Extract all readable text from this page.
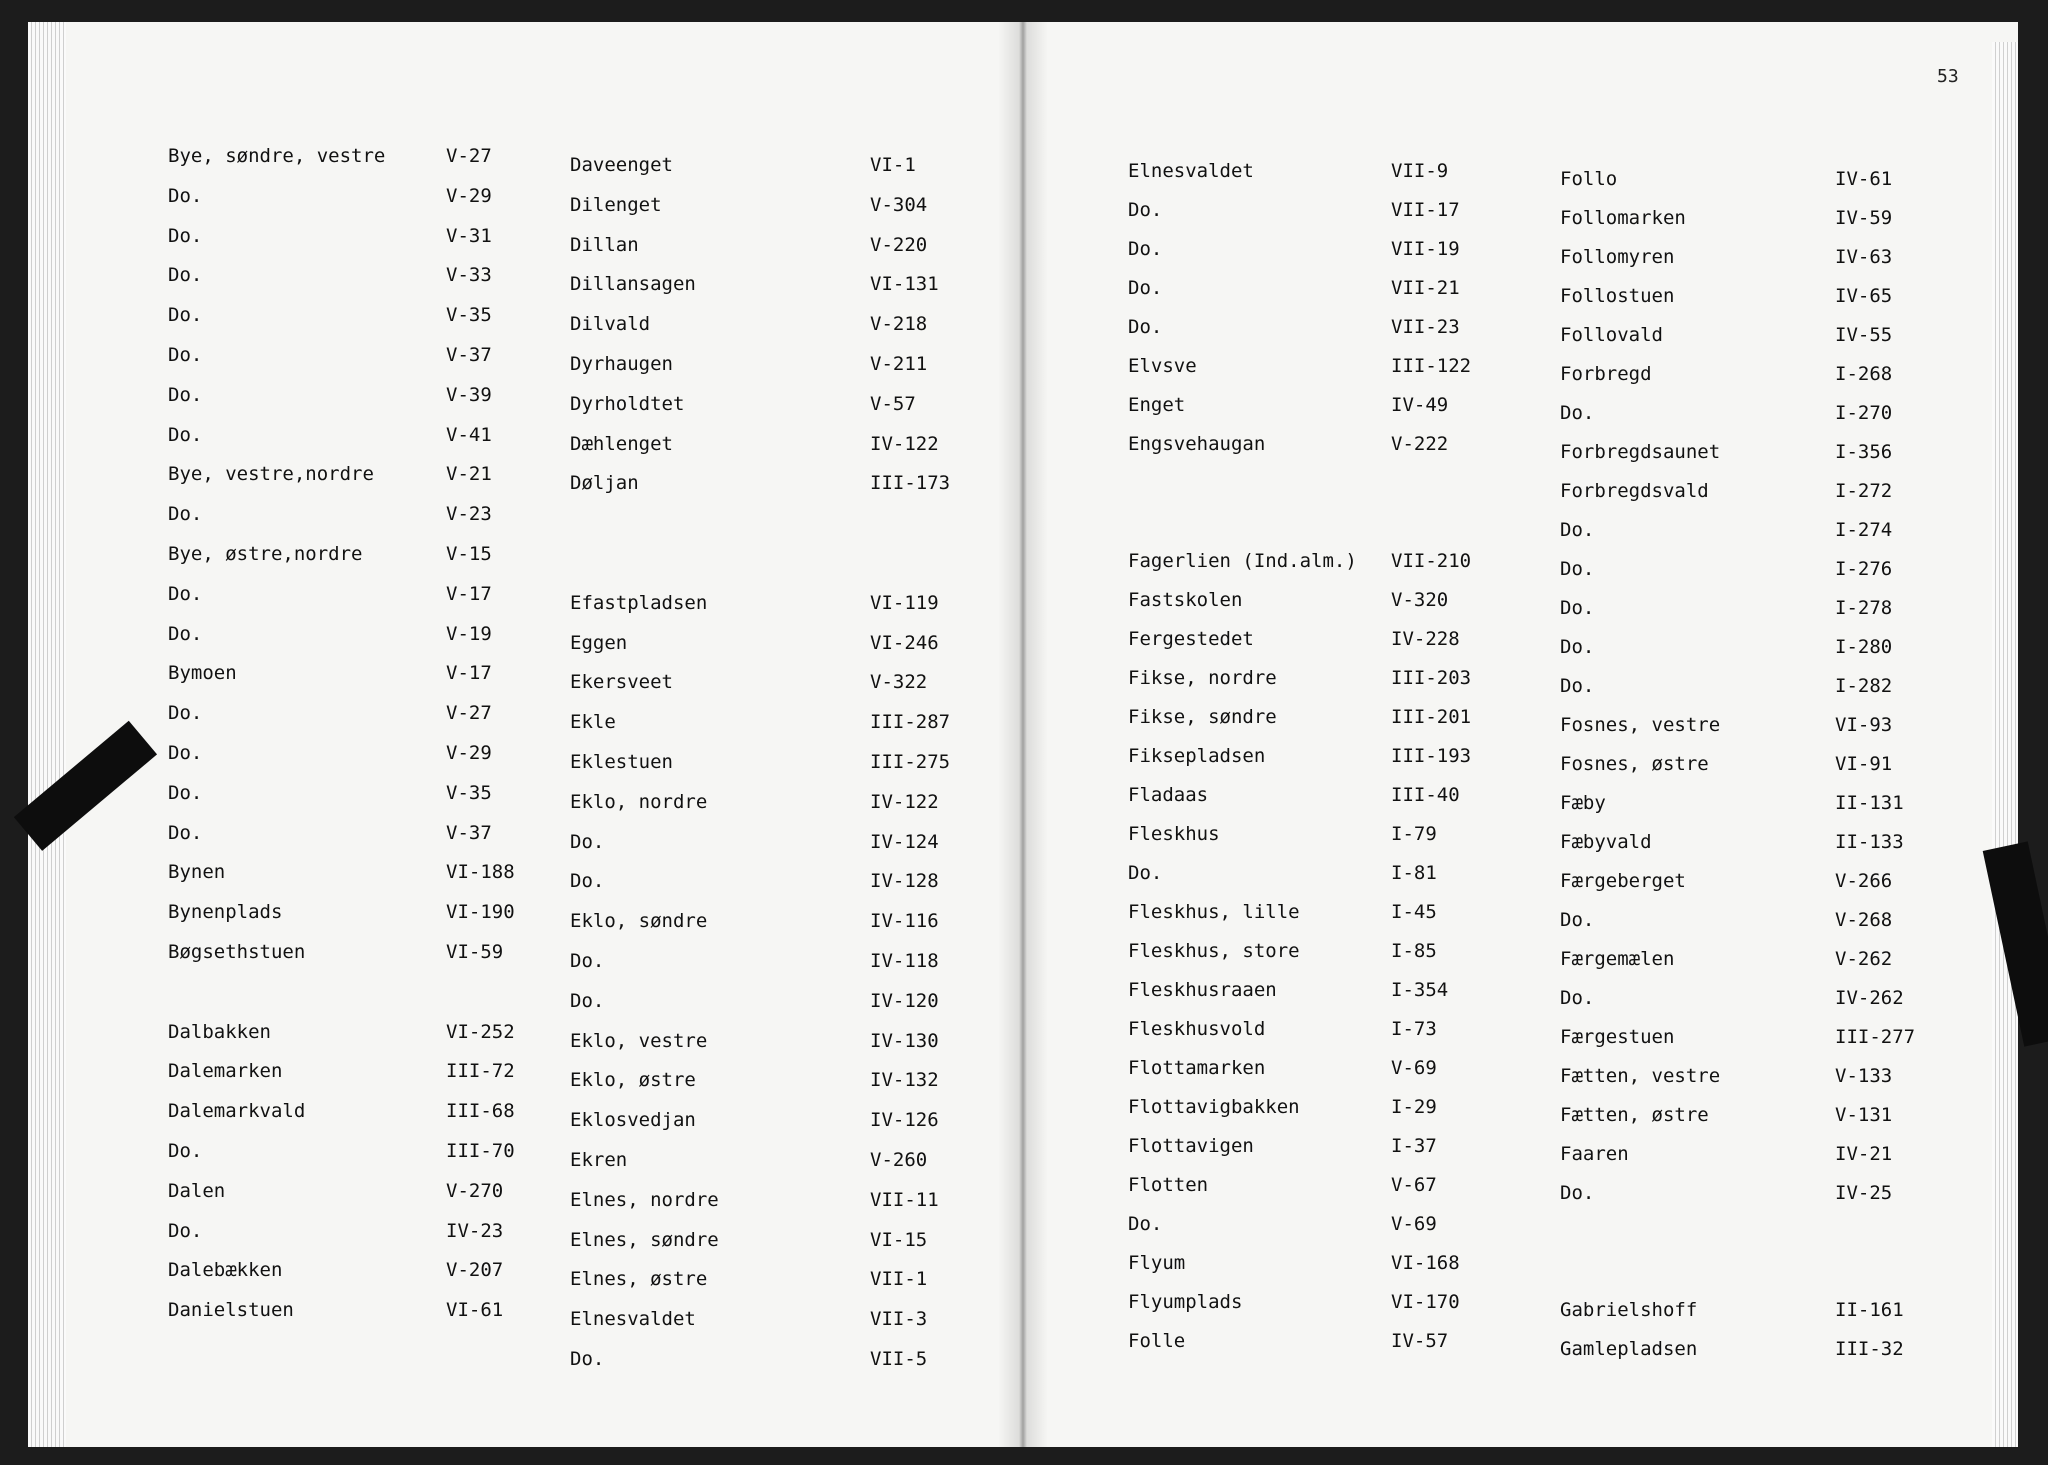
53
Bye, søndre, vestre	V-27
Do.	V-29
Do.	V-31
Do.	V-33
Do.	V-35
Do.	V-37
Do.	V-39
Do.	V-41
Bye, vestre,nordre	V-21
Do.	V-23
Bye, østre,nordre	V-15
Do.	V-17
Do.	V-19
Bymoen	V-17
Do.	V-27
Do.	V-29
Do.	V-35
Do.	V-37
Bynen	VI-188
Bynenplads	VI-190
Bøgsethstuen	VI-59
Dalbakken	VI-252
Dalemarken	III-72
Dalemarkvald	III-68
Do.	III-70
Dalen	V-270
Do.	IV-23
Dalebækken	V-207
Danielstuen	VI-61
Daveenget	VI-1
Dilenget	V-304
Dillan	V-220
Dillansagen	VI-131
Dilvald	V-218
Dyrhaugen	V-211
Dyrholdtet	V-57
Dæhlenget	IV-122
Døljan	III-173
Efastpladsen	VI-119
Eggen	VI-246
Ekersveet	V-322
Ekle	III-287
Eklestuen	III-275
Eklo, nordre	IV-122
Do.	IV-124
Do.	IV-128
Eklo, søndre	IV-116
Do.	IV-118
Do.	IV-120
Eklo, vestre	IV-130
Eklo, østre	IV-132
Eklosvedjan	IV-126
Ekren	V-260
Elnes, nordre	VII-11
Elnes, søndre	VI-15
Elnes, østre	VII-1
Elnesvaldet	VII-3
Do.	VII-5
Elnesvaldet	VII-9
Do.	VII-17
Do.	VII-19
Do.	VII-21
Do.	VII-23
Elvsve	III-122
Enget	IV-49
Engsvehaugan	V-222
Fagerlien (Ind.alm.) VII-210
Fastskolen	V-320
Fergestedet	IV-228
Fikse, nordre	III-203
Fikse, søndre	III-201
Fiksepladsen	III-193
Fladaas	III-40
Fleskhus	I-79
Do.	I-81
Fleskhus, lille	I-45
Fleskhus, store	I-85
Fleskhusraaen	I-354
Fleskhusvold	I-73
Flottamarken	V-69
Flottavigbakken	I-29
Flottavigen	I-37
Flotten	V-67
Do.	V-69
Flyum	VI-168
Flyumplads	VI-170
Folle	IV-57
Follo	IV-61
Follomarken	IV-59
Follomyren	IV-63
Follostuen	IV-65
Follovald	IV-55
Forbregd	I-268
Do.	I-270
Forbregdsaunet	I-356
Forbregdsvald	I-272
Do.	I-274
Do.	I-276
Do.	I-278
Do.	I-280
Do.	I-282
Fosnes, vestre	VI-93
Fosnes, østre	VI-91
Fæby	II-131
Fæbyvald	II-133
Færgeberget	V-266
Do.	V-268
Færgemælen	V-262
Do.	IV-262
Færgestuen	III-277
Fætten, vestre	V-133
Fætten, østre	V-131
Faaren	IV-21
Do.	IV-25
Gabrielshoff	II-161
Gamlepladsen	III-32
